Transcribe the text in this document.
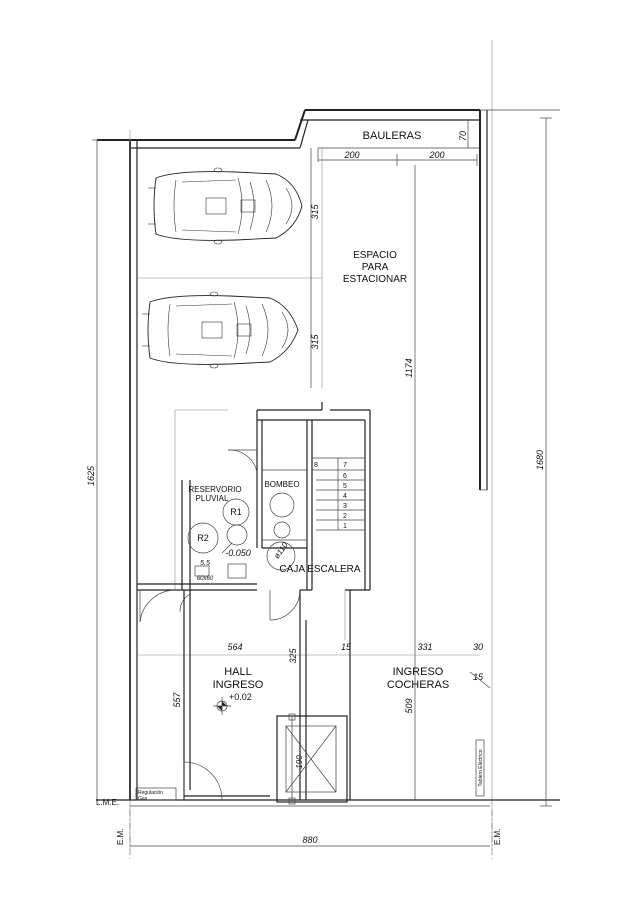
BAULERAS
200	200
70
315
315
ESPACIO
PARA
ESTACIONAR
1174
1680
1625
880
8	7
6
5
4
3
2
1
BOMBEO
CAJA ESCALERA
ø110
RESERVORIO
PLUVIAL
R1
R2
-0.050
60x60
5.5
564	15	331	30
325
557
HALL
INGRESO
+0.02
190
INGRESO
COCHERAS
509
15
Tablero Eléctrico
L.M.E.
Regulación
Gas
E.M.	E.M.
